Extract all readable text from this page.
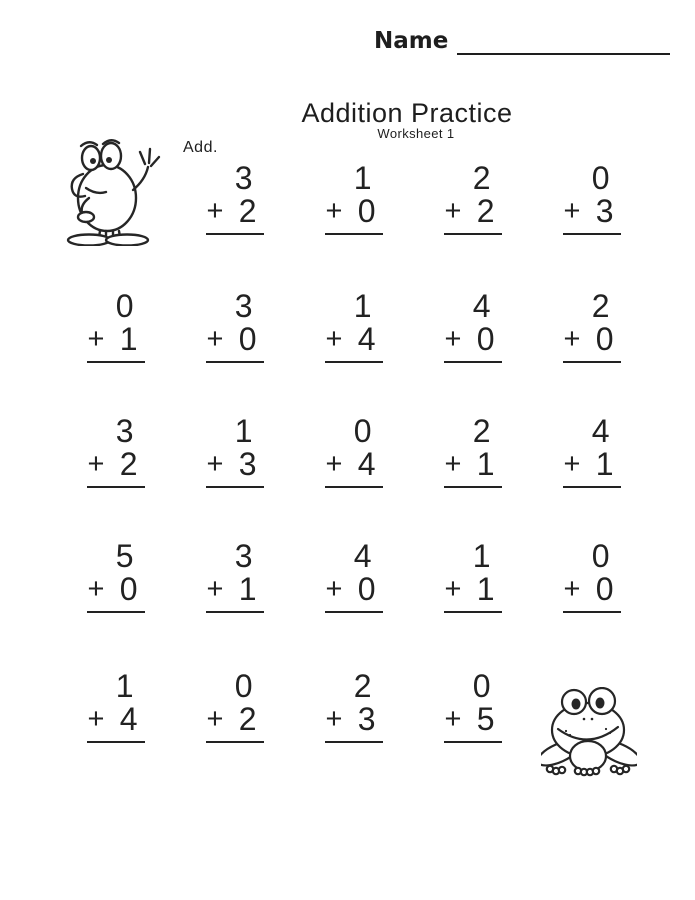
Name
Addition Practice
Worksheet 1
Add.
3
+ 2
1
+ 0
2
+ 2
0
+ 3
0
+ 1
3
+ 0
1
+ 4
4
+ 0
2
+ 0
3
+ 2
1
+ 3
0
+ 4
2
+ 1
4
+ 1
5
+ 0
3
+ 1
4
+ 0
1
+ 1
0
+ 0
1
+ 4
0
+ 2
2
+ 3
0
+ 5
